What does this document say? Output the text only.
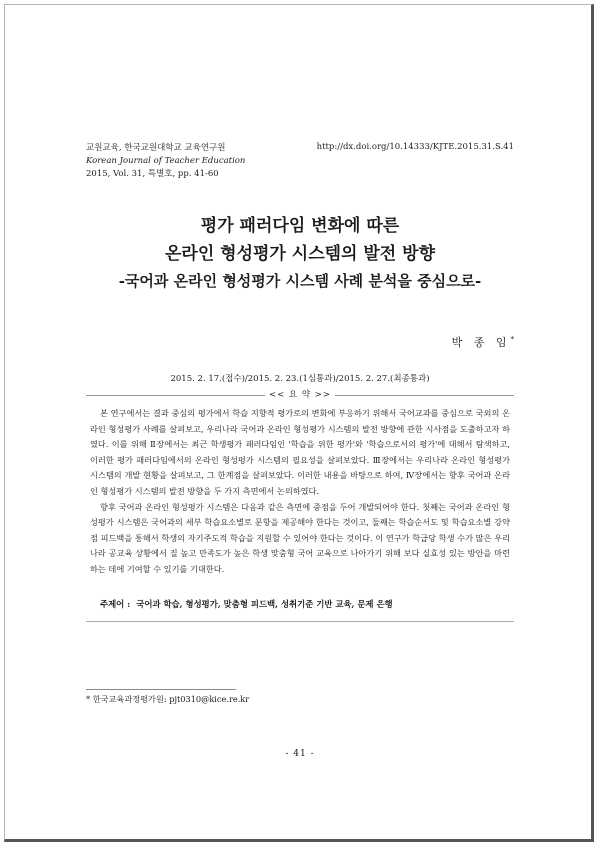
교원교육, 한국교원대학교 교육연구원
Korean Journal of Teacher Education
2015, Vol. 31, 특별호, pp. 41-60
http://dx.doi.org/10.14333/KJTE.2015.31.S.41
평가 패러다임 변화에 따른
온라인 형성평가 시스템의 발전 방향
-국어과 온라인 형성평가 시스템 사례 분석을 중심으로-
박 종 임*
2015. 2. 17.(접수)/2015. 2. 23.(1심통과)/2015. 2. 27.(최종통과)
<< 요 약 >>

본 연구에서는 결과 중심의 평가에서 학습 지향적 평가로의 변화에 부응하기 위해서 국어교과를 중심으로 국외의 온라인 형성평가 사례를 살펴보고, 우리나라 국어과 온라인 형성평가 시스템의 발전 방향에 관한 시사점을 도출하고자 하였다. 이를 위해 Ⅱ장에서는 최근 학생평가 패러다임인 '학습을 위한 평가'와 '학습으로서의 평가'에 대해서 탐색하고, 이러한 평가 패러다임에서의 온라인 형성평가 시스템의 필요성을 살펴보았다. Ⅲ장에서는 우리나라 온라인 형성평가 시스템의 개발 현황을 살펴보고, 그 한계점을 살펴보았다. 이러한 내용을 바탕으로 하여, Ⅳ장에서는 향후 국어과 온라인 형성평가 시스템의 발전 방향을 두 가지 측면에서 논의하였다.

향후 국어과 온라인 형성평가 시스템은 다음과 같은 측면에 중점을 두어 개발되어야 한다. 첫째는 국어과 온라인 형성평가 시스템은 국어과의 세부 학습요소별로 문항을 제공해야 한다는 것이고, 둘째는 학습순서도 및 학습요소별 강약점 피드백을 통해서 학생의 자기주도적 학습을 지원할 수 있어야 한다는 것이다. 이 연구가 학급당 학생 수가 많은 우리나라 공교육 상황에서 질 높고 만족도가 높은 학생 맞춤형 국어 교육으로 나아가기 위해 보다 실효성 있는 방안을 마련하는 데에 기여할 수 있기를 기대한다.

주제어 : 국어과 학습, 형성평가, 맞춤형 피드백, 성취기준 기반 교육, 문제 은행
* 한국교육과정평가원: pjt0310@kice.re.kr
- 41 -
